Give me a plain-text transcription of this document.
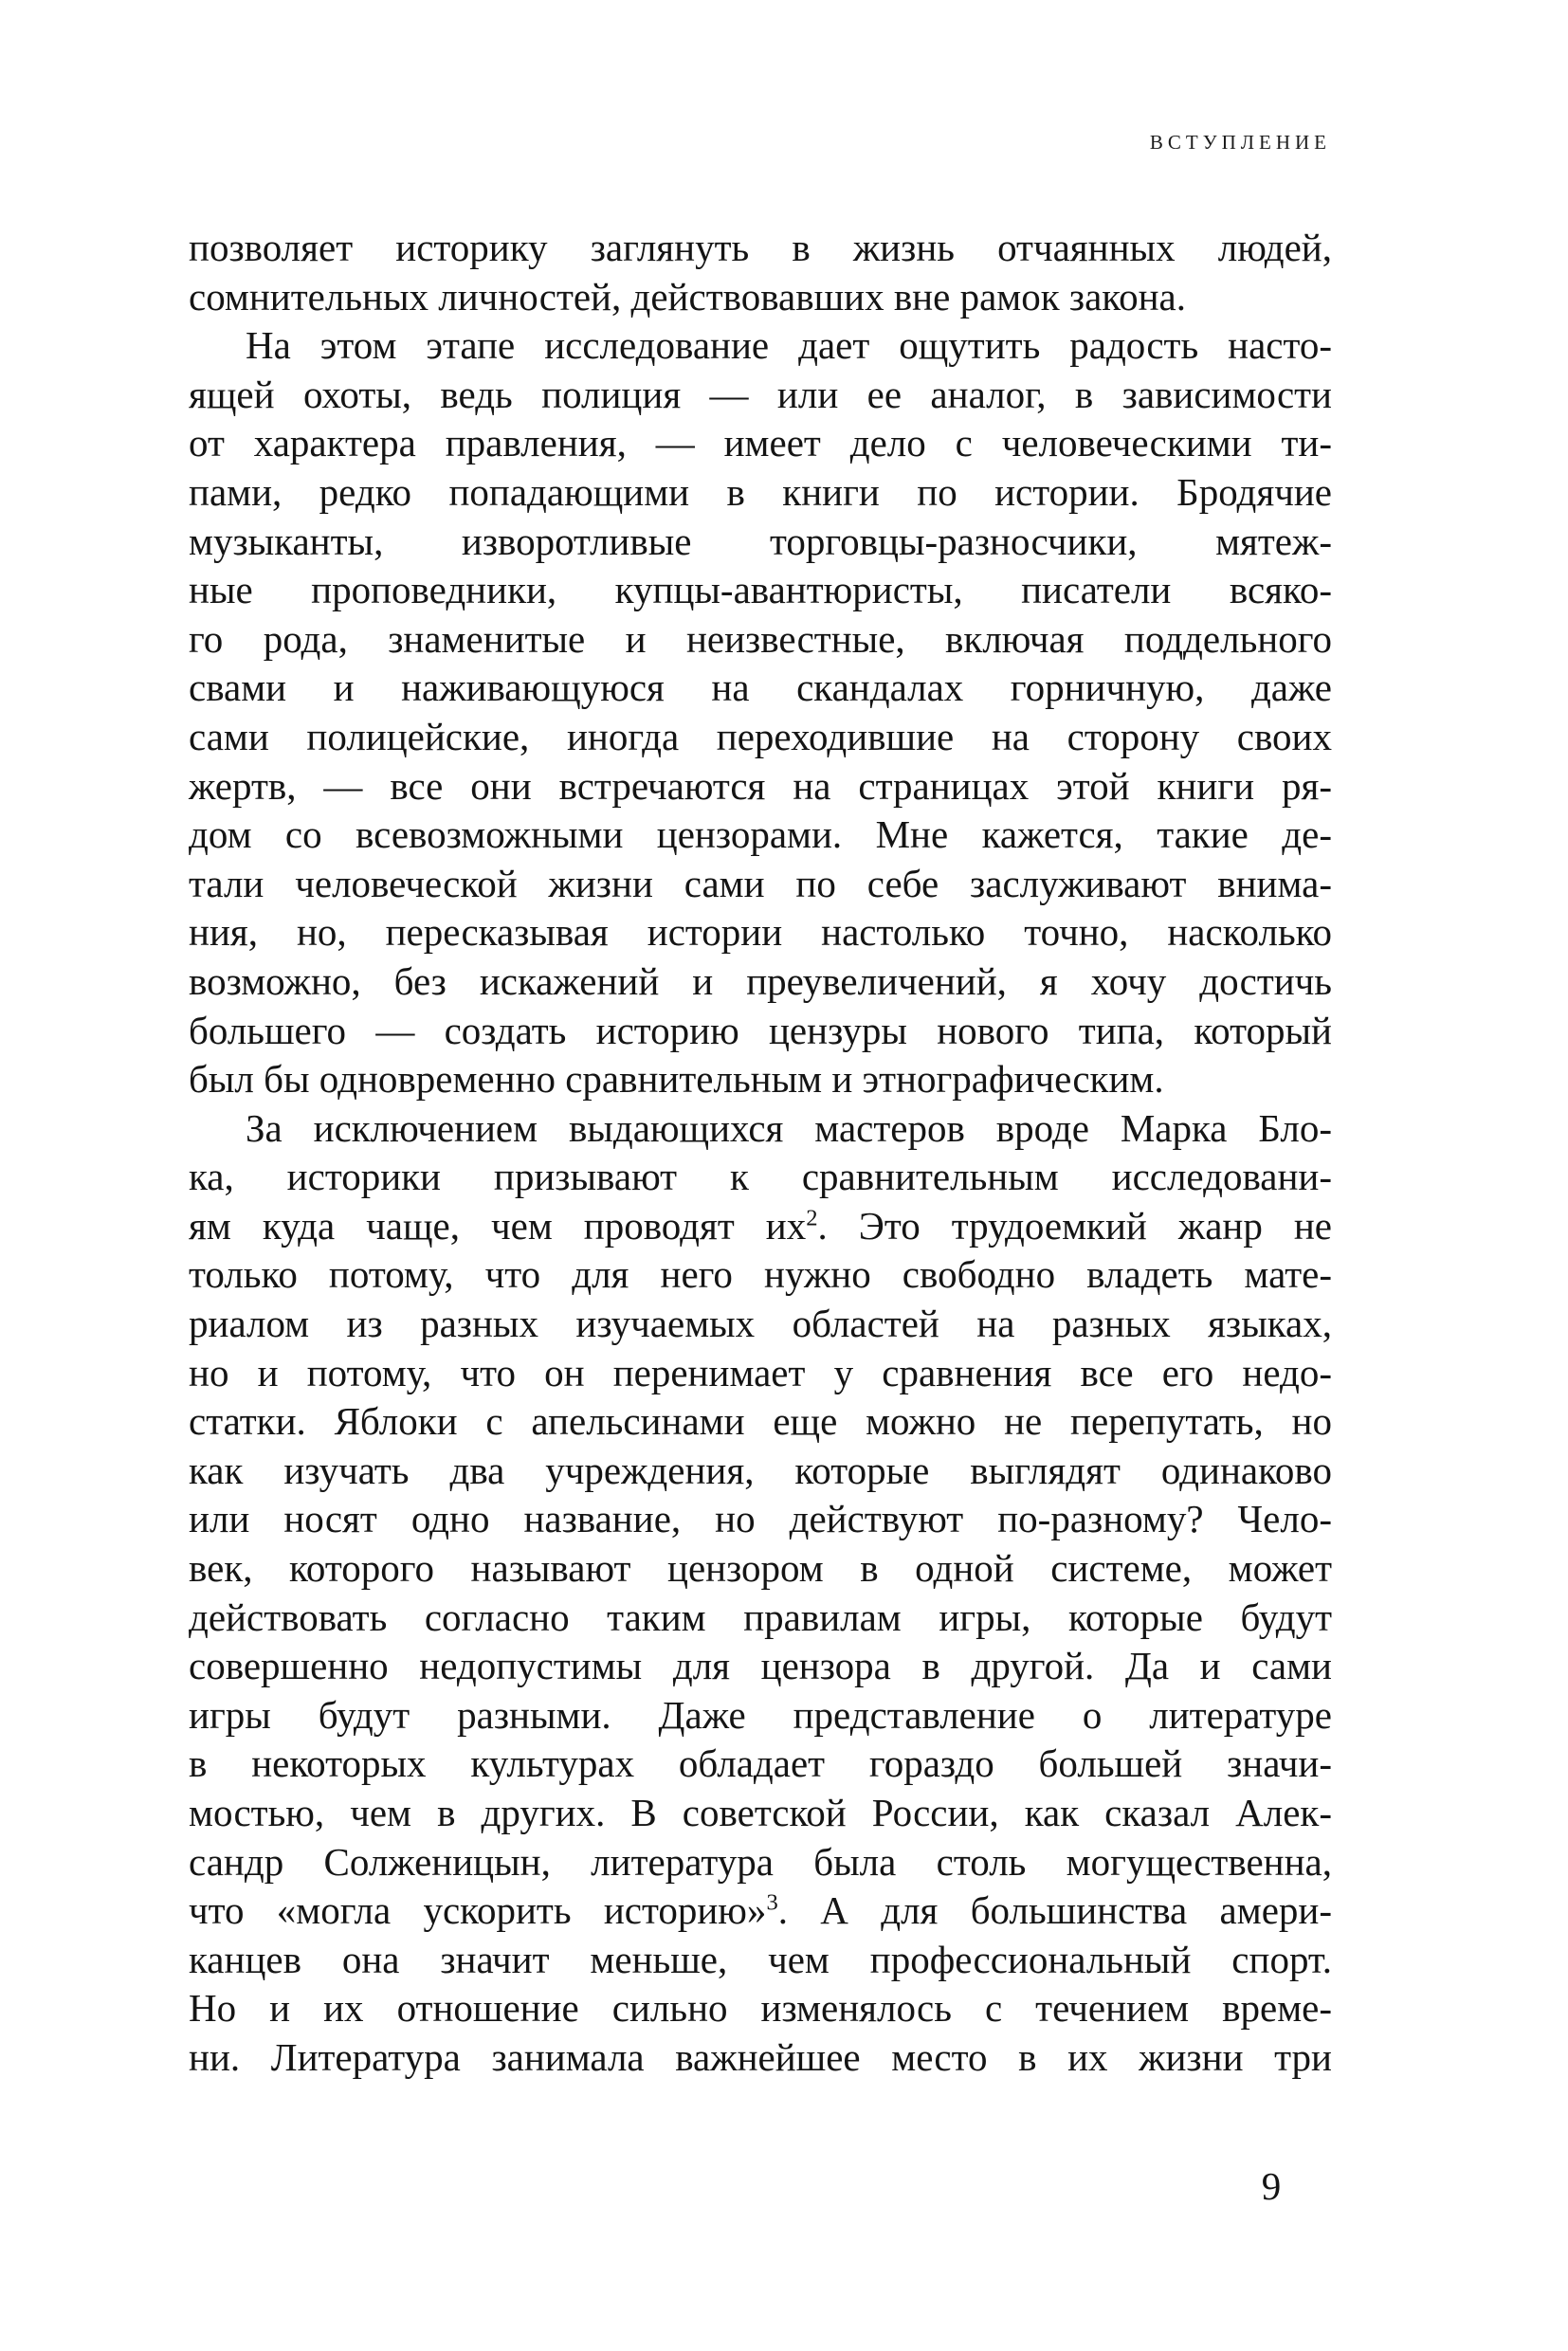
ВСТУПЛЕНИЕ
позволяет историку заглянуть в жизнь отчаянных людей,
сомнительных личностей, действовавших вне рамок закона.
На этом этапе исследование дает ощутить радость насто-
ящей охоты, ведь полиция — или ее аналог, в зависимости
от характера правления, — имеет дело с человеческими ти-
пами, редко попадающими в книги по истории. Бродячие
музыканты, изворотливые торговцы-разносчики, мятеж-
ные проповедники, купцы-авантюристы, писатели всяко-
го рода, знаменитые и неизвестные, включая поддельного
свами и наживающуюся на скандалах горничную, даже
сами полицейские, иногда переходившие на сторону своих
жертв, — все они встречаются на страницах этой книги ря-
дом со всевозможными цензорами. Мне кажется, такие де-
тали человеческой жизни сами по себе заслуживают внима-
ния, но, пересказывая истории настолько точно, насколько
возможно, без искажений и преувеличений, я хочу достичь
большего — создать историю цензуры нового типа, который
был бы одновременно сравнительным и этнографическим.
За исключением выдающихся мастеров вроде Марка Бло-
ка, историки призывают к сравнительным исследовани-
ям куда чаще, чем проводят $их^2$. Это трудоемкий жанр не
только потому, что для него нужно свободно владеть мате-
риалом из разных изучаемых областей на разных языках,
но и потому, что он перенимает у сравнения все его недо-
статки. Яблоки с апельсинами еще можно не перепутать, но
как изучать два учреждения, которые выглядят одинаково
или носят одно название, но действуют по-разному? Чело-
век, которого называют цензором в одной системе, может
действовать согласно таким правилам игры, которые будут
совершенно недопустимы для цензора в другой. Да и сами
игры будут разными. Даже представление о литературе
в некоторых культурах обладает гораздо большей значи-
мостью, чем в других. В советской России, как сказал Алек-
сандр Солженицын, литература была столь могущественна,
что «могла ускорить историю»$^3$. А для большинства амери-
канцев она значит меньше, чем профессиональный спорт.
Но и их отношение сильно изменялось с течением време-
ни. Литература занимала важнейшее место в их жизни три
9
